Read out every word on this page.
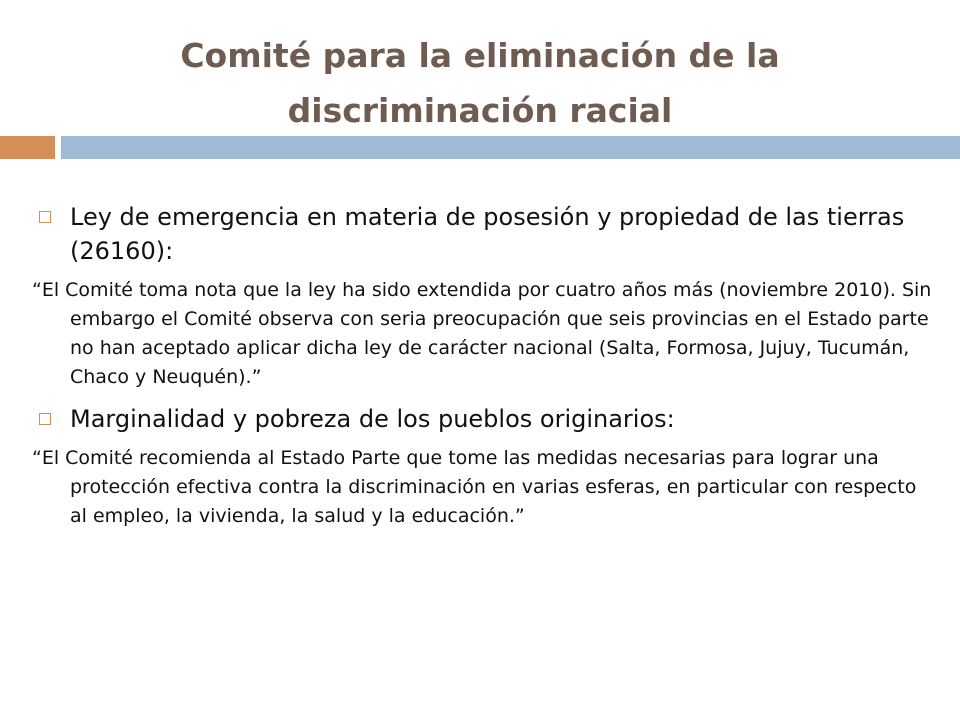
Comité para la eliminación de la discriminación racial
Ley de emergencia en materia de posesión y propiedad de las tierras (26160):

“El Comité toma nota que la ley ha sido extendida por cuatro años más (noviembre 2010). Sin embargo el Comité observa con seria preocupación que seis provincias en el Estado parte no han aceptado aplicar dicha ley de carácter nacional (Salta, Formosa, Jujuy, Tucumán, Chaco y Neuquén).”

Marginalidad y pobreza de los pueblos originarios:

“El Comité recomienda al Estado Parte que tome las medidas necesarias para lograr una protección efectiva contra la discriminación en varias esferas, en particular con respecto al empleo, la vivienda, la salud y la educación.”
